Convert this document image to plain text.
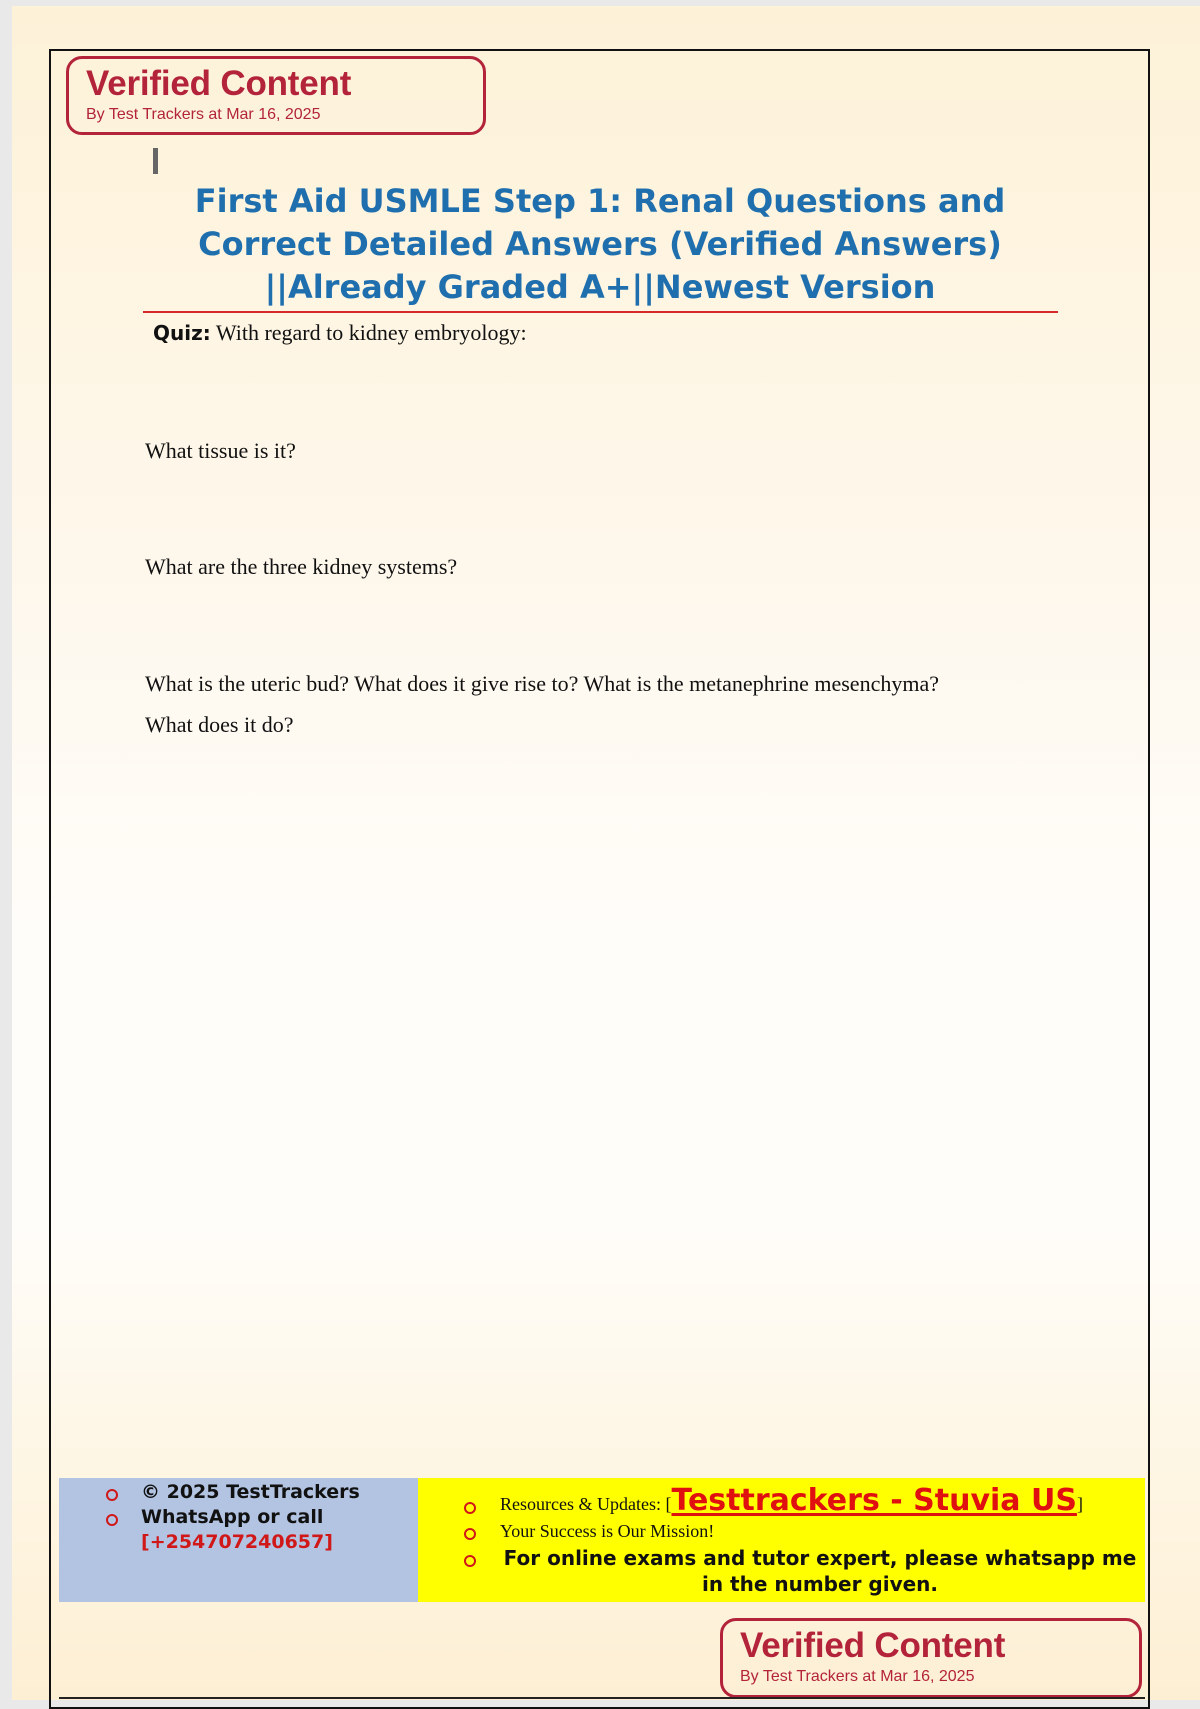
Verified Content
By Test Trackers at Mar 16, 2025
First Aid USMLE Step 1: Renal Questions and
Correct Detailed Answers (Verified Answers)
||Already Graded A+||Newest Version
Quiz: With regard to kidney embryology:
What tissue is it?
What are the three kidney systems?
What is the uteric bud? What does it give rise to? What is the metanephrine mesenchyma?
What does it do?
© 2025 TestTrackers
WhatsApp or call
[+254707240657]
Resources & Updates: [Testtrackers - Stuvia US]
Your Success is Our Mission!
For online exams and tutor expert, please whatsapp me
in the number given.
Verified Content
By Test Trackers at Mar 16, 2025
